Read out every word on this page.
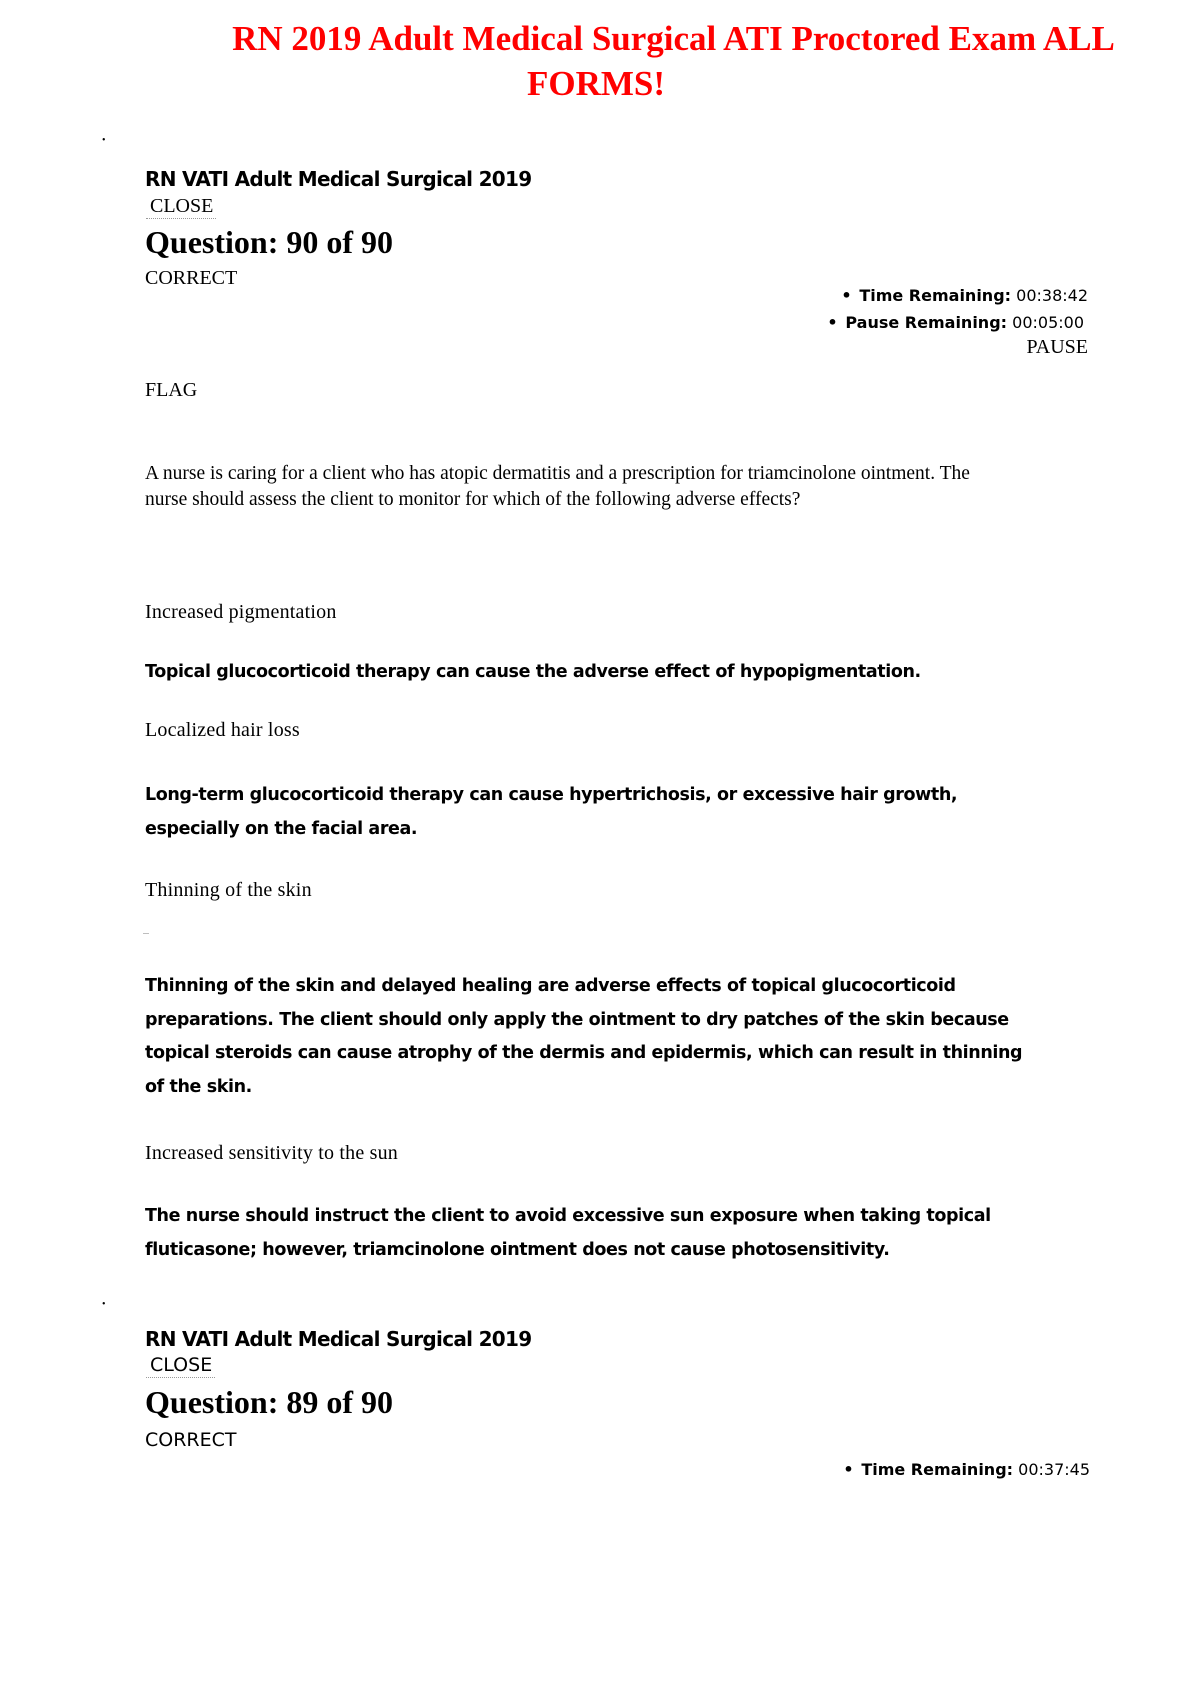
RN 2019 Adult Medical Surgical ATI Proctored Exam ALL
FORMS!
•
RN VATI Adult Medical Surgical 2019
CLOSE
Question: 90 of 90
CORRECT
• Time Remaining: 00:38:42
• Pause Remaining: 00:05:00
PAUSE
FLAG
A nurse is caring for a client who has atopic dermatitis and a prescription for triamcinolone ointment. The nurse should assess the client to monitor for which of the following adverse effects?
Increased pigmentation
Topical glucocorticoid therapy can cause the adverse effect of hypopigmentation.
Localized hair loss
Long-term glucocorticoid therapy can cause hypertrichosis, or excessive hair growth, especially on the facial area.
Thinning of the skin
...
Thinning of the skin and delayed healing are adverse effects of topical glucocorticoid preparations. The client should only apply the ointment to dry patches of the skin because topical steroids can cause atrophy of the dermis and epidermis, which can result in thinning of the skin.
Increased sensitivity to the sun
The nurse should instruct the client to avoid excessive sun exposure when taking topical fluticasone; however, triamcinolone ointment does not cause photosensitivity.
•
RN VATI Adult Medical Surgical 2019
CLOSE
Question: 89 of 90
CORRECT
• Time Remaining: 00:37:45
